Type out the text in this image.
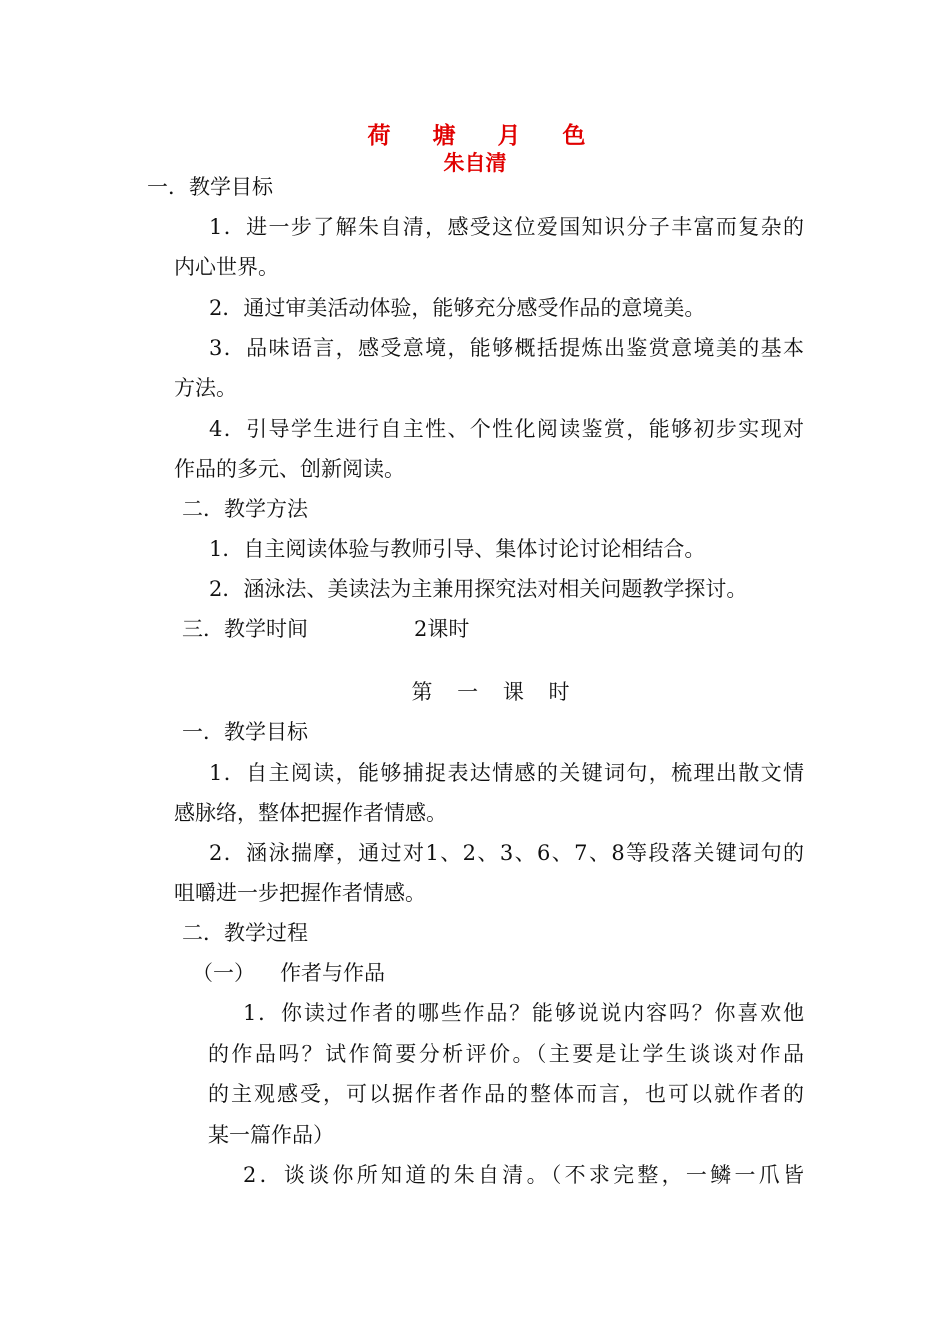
荷 塘 月 色
朱自清
一．教学目标
1．进一步了解朱自清，感受这位爱国知识分子丰富而复杂的
内心世界。
2．通过审美活动体验，能够充分感受作品的意境美。
3．品味语言，感受意境，能够概括提炼出鉴赏意境美的基本
方法。
4．引导学生进行自主性、个性化阅读鉴赏，能够初步实现对
作品的多元、创新阅读。
二．教学方法
1．自主阅读体验与教师引导、集体讨论讨论相结合。
2．涵泳法、美读法为主兼用探究法对相关问题教学探讨。
三．教学时间	2课时
第 一 课 时
一．教学目标
1．自主阅读，能够捕捉表达情感的关键词句，梳理出散文情
感脉络，整体把握作者情感。
2．涵泳揣摩，通过对1、2、3、6、7、8等段落关键词句的
咀嚼进一步把握作者情感。
二．教学过程
（一） 作者与作品
1．你读过作者的哪些作品？能够说说内容吗？你喜欢他
的作品吗？试作简要分析评价。（主要是让学生谈谈对作品
的主观感受，可以据作者作品的整体而言，也可以就作者的
某一篇作品）
2．谈谈你所知道的朱自清。（不求完整，一鳞一爪皆
